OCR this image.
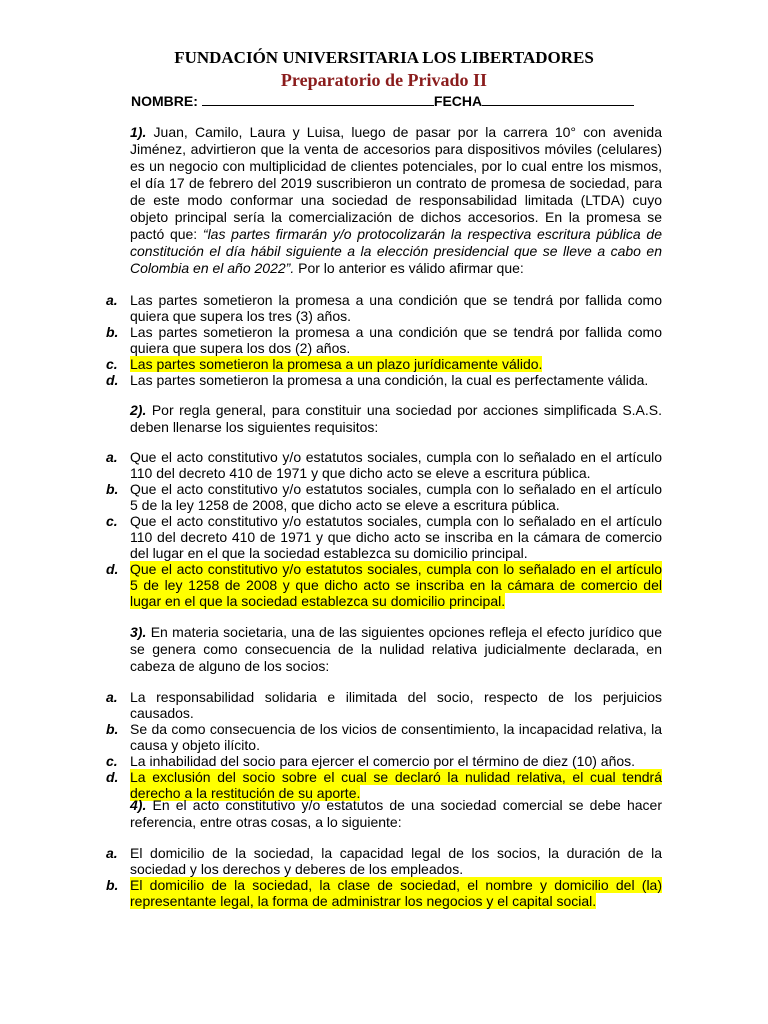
FUNDACIÓN UNIVERSITARIA LOS LIBERTADORES
Preparatorio de Privado II
NOMBRE:	FECHA

1). Juan, Camilo, Laura y Luisa, luego de pasar por la carrera 10° con avenida Jiménez, advirtieron que la venta de accesorios para dispositivos móviles (celulares) es un negocio con multiplicidad de clientes potenciales, por lo cual entre los mismos, el día 17 de febrero del 2019 suscribieron un contrato de promesa de sociedad, para de este modo conformar una sociedad de responsabilidad limitada (LTDA) cuyo objeto principal sería la comercialización de dichos accesorios. En la promesa se pactó que: “las partes firmarán y/o protocolizarán la respectiva escritura pública de constitución el día hábil siguiente a la elección presidencial que se lleve a cabo en Colombia en el año 2022”. Por lo anterior es válido afirmar que:

a. Las partes sometieron la promesa a una condición que se tendrá por fallida como quiera que supera los tres (3) años.
b. Las partes sometieron la promesa a una condición que se tendrá por fallida como quiera que supera los dos (2) años.
c. Las partes sometieron la promesa a un plazo jurídicamente válido.
d. Las partes sometieron la promesa a una condición, la cual es perfectamente válida.

2). Por regla general, para constituir una sociedad por acciones simplificada S.A.S. deben llenarse los siguientes requisitos:

a. Que el acto constitutivo y/o estatutos sociales, cumpla con lo señalado en el artículo 110 del decreto 410 de 1971 y que dicho acto se eleve a escritura pública.
b. Que el acto constitutivo y/o estatutos sociales, cumpla con lo señalado en el artículo 5 de la ley 1258 de 2008, que dicho acto se eleve a escritura pública.
c. Que el acto constitutivo y/o estatutos sociales, cumpla con lo señalado en el artículo 110 del decreto 410 de 1971 y que dicho acto se inscriba en la cámara de comercio del lugar en el que la sociedad establezca su domicilio principal.
d. Que el acto constitutivo y/o estatutos sociales, cumpla con lo señalado en el artículo 5 de ley 1258 de 2008 y que dicho acto se inscriba en la cámara de comercio del lugar en el que la sociedad establezca su domicilio principal.

3). En materia societaria, una de las siguientes opciones refleja el efecto jurídico que se genera como consecuencia de la nulidad relativa judicialmente declarada, en cabeza de alguno de los socios:

a. La responsabilidad solidaria e ilimitada del socio, respecto de los perjuicios causados.
b. Se da como consecuencia de los vicios de consentimiento, la incapacidad relativa, la causa y objeto ilícito.
c. La inhabilidad del socio para ejercer el comercio por el término de diez (10) años.
d. La exclusión del socio sobre el cual se declaró la nulidad relativa, el cual tendrá derecho a la restitución de su aporte.

4). En el acto constitutivo y/o estatutos de una sociedad comercial se debe hacer referencia, entre otras cosas, a lo siguiente:

a. El domicilio de la sociedad, la capacidad legal de los socios, la duración de la sociedad y los derechos y deberes de los empleados.
b. El domicilio de la sociedad, la clase de sociedad, el nombre y domicilio del (la) representante legal, la forma de administrar los negocios y el capital social.
